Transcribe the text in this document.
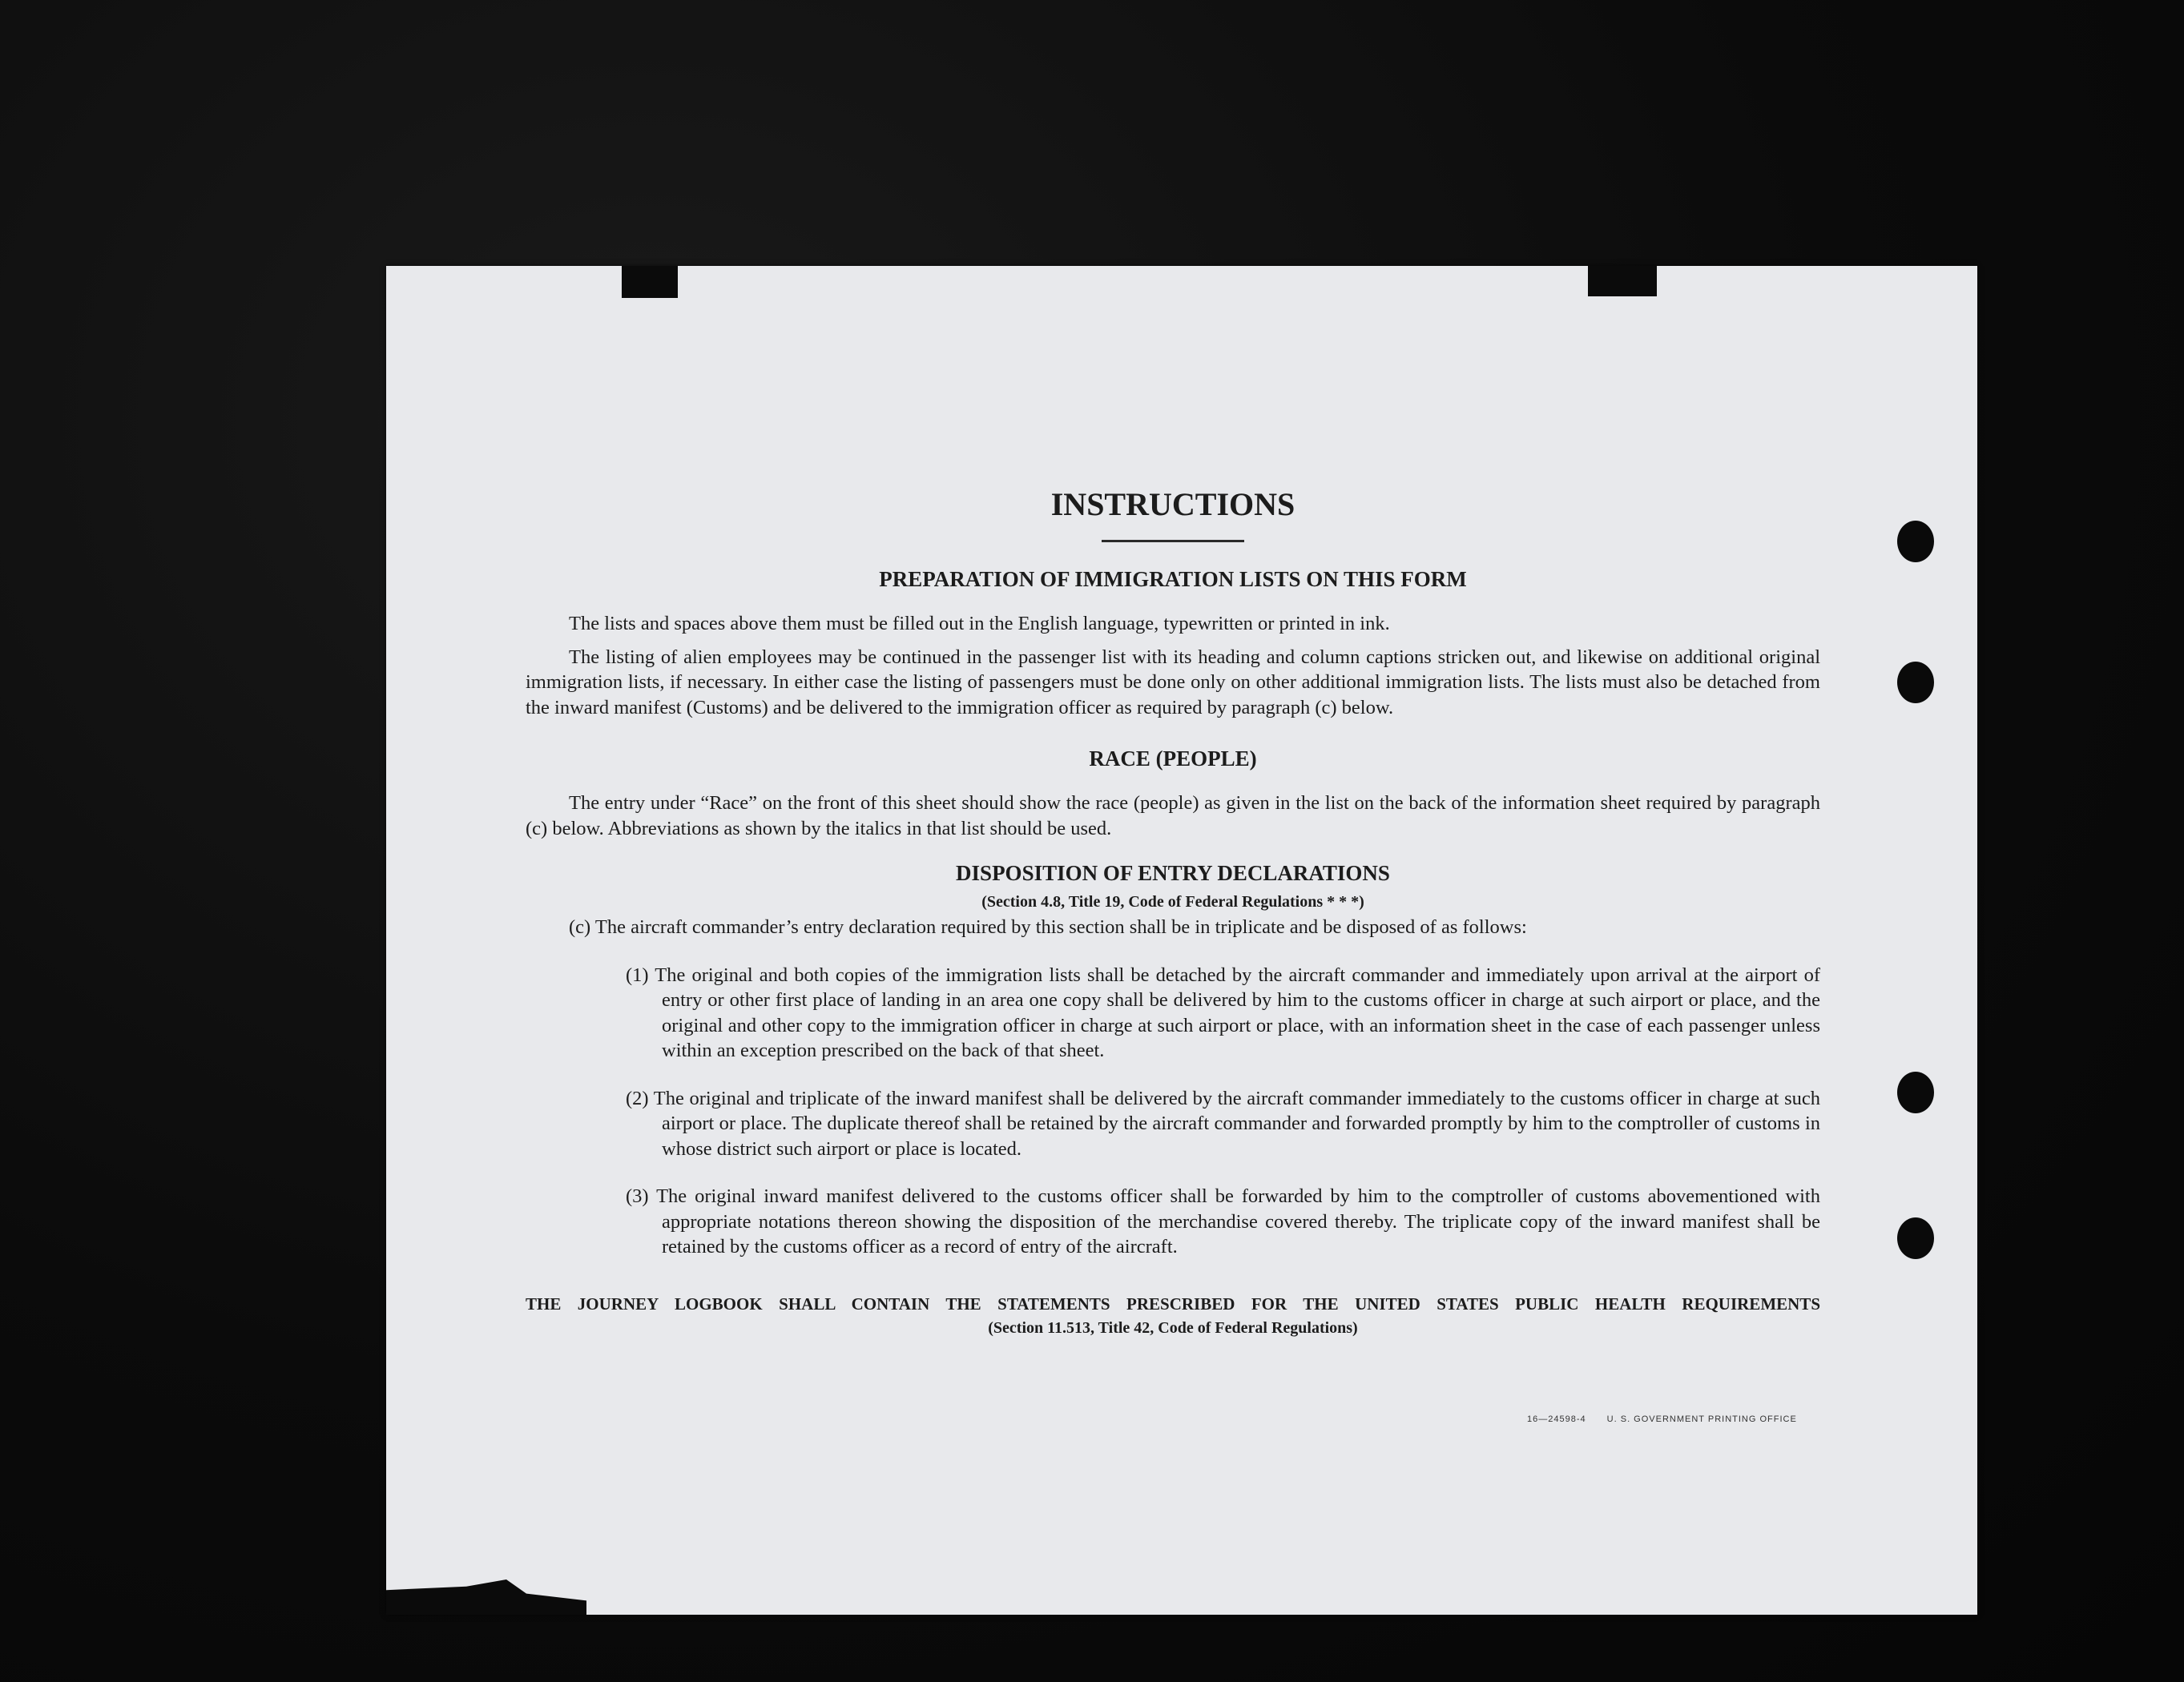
INSTRUCTIONS
PREPARATION OF IMMIGRATION LISTS ON THIS FORM

The lists and spaces above them must be filled out in the English language, typewritten or printed in ink.

The listing of alien employees may be continued in the passenger list with its heading and column captions stricken out, and likewise on additional original immigration lists, if necessary. In either case the listing of passengers must be done only on other additional immigration lists. The lists must also be detached from the inward manifest (Customs) and be delivered to the immigration officer as required by paragraph (c) below.

RACE (PEOPLE)

The entry under “Race” on the front of this sheet should show the race (people) as given in the list on the back of the information sheet required by paragraph (c) below. Abbreviations as shown by the italics in that list should be used.

DISPOSITION OF ENTRY DECLARATIONS

(Section 4.8, Title 19, Code of Federal Regulations * * *)

(c) The aircraft commander’s entry declaration required by this section shall be in triplicate and be disposed of as follows:

(1) The original and both copies of the immigration lists shall be detached by the aircraft commander and immediately upon arrival at the airport of entry or other first place of landing in an area one copy shall be delivered by him to the customs officer in charge at such airport or place, and the original and other copy to the immigration officer in charge at such airport or place, with an information sheet in the case of each passenger unless within an exception prescribed on the back of that sheet.

(2) The original and triplicate of the inward manifest shall be delivered by the aircraft commander immediately to the customs officer in charge at such airport or place. The duplicate thereof shall be retained by the aircraft commander and forwarded promptly by him to the comptroller of customs in whose district such airport or place is located.

(3) The original inward manifest delivered to the customs officer shall be forwarded by him to the comptroller of customs abovementioned with appropriate notations thereon showing the disposition of the merchandise covered thereby. The triplicate copy of the inward manifest shall be retained by the customs officer as a record of entry of the aircraft.

THE JOURNEY LOGBOOK SHALL CONTAIN THE STATEMENTS PRESCRIBED FOR THE UNITED STATES PUBLIC HEALTH REQUIREMENTS

(Section 11.513, Title 42, Code of Federal Regulations)

16—24598-4 U. S. GOVERNMENT PRINTING OFFICE
